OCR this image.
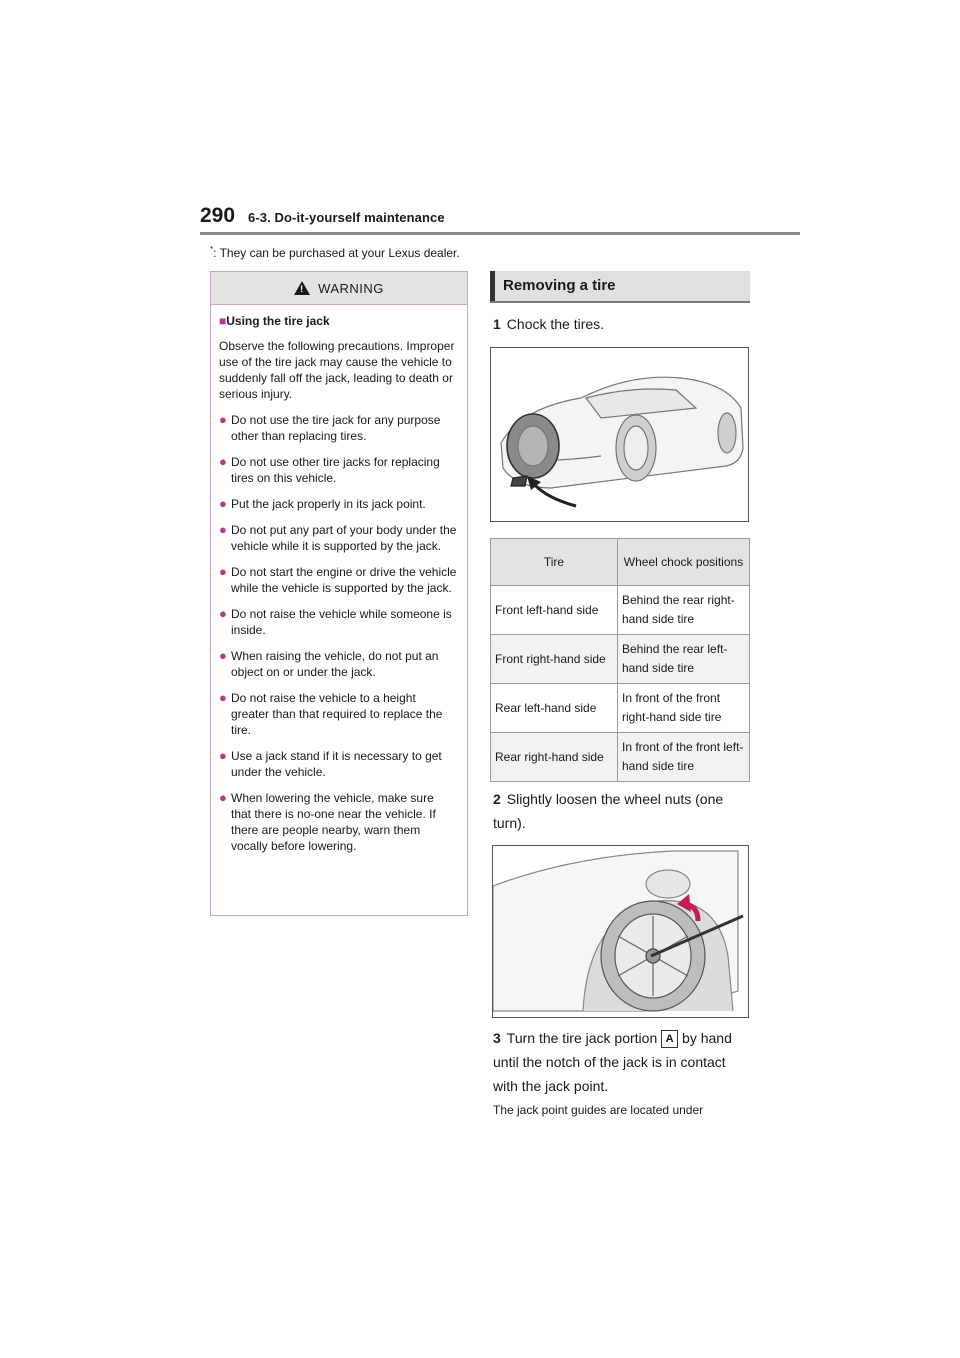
290 6-3. Do-it-yourself maintenance
*: They can be purchased at your Lexus dealer.
!
WARNING
■Using the tire jack
Observe the following precautions. Improper use of the tire jack may cause the vehicle to suddenly fall off the jack, leading to death or serious injury.
● Do not use the tire jack for any purpose other than replacing tires.
● Do not use other tire jacks for replacing tires on this vehicle.
● Put the jack properly in its jack point.
● Do not put any part of your body under the vehicle while it is supported by the jack.
● Do not start the engine or drive the vehicle while the vehicle is supported by the jack.
● Do not raise the vehicle while someone is inside.
● When raising the vehicle, do not put an object on or under the jack.
● Do not raise the vehicle to a height greater than that required to replace the tire.
● Use a jack stand if it is necessary to get under the vehicle.
● When lowering the vehicle, make sure that there is no-one near the vehicle. If there are people nearby, warn them vocally before lowering.
Removing a tire
1 Chock the tires.
Tire	Wheel chock positions
Front left-hand side	Behind the rear right-hand side tire
Front right-hand side	Behind the rear left-hand side tire
Rear left-hand side	In front of the front right-hand side tire
Rear right-hand side	In front of the front left-hand side tire
2 Slightly loosen the wheel nuts (one turn).
3 Turn the tire jack portion A by hand until the notch of the jack is in contact with the jack point.
The jack point guides are located under
